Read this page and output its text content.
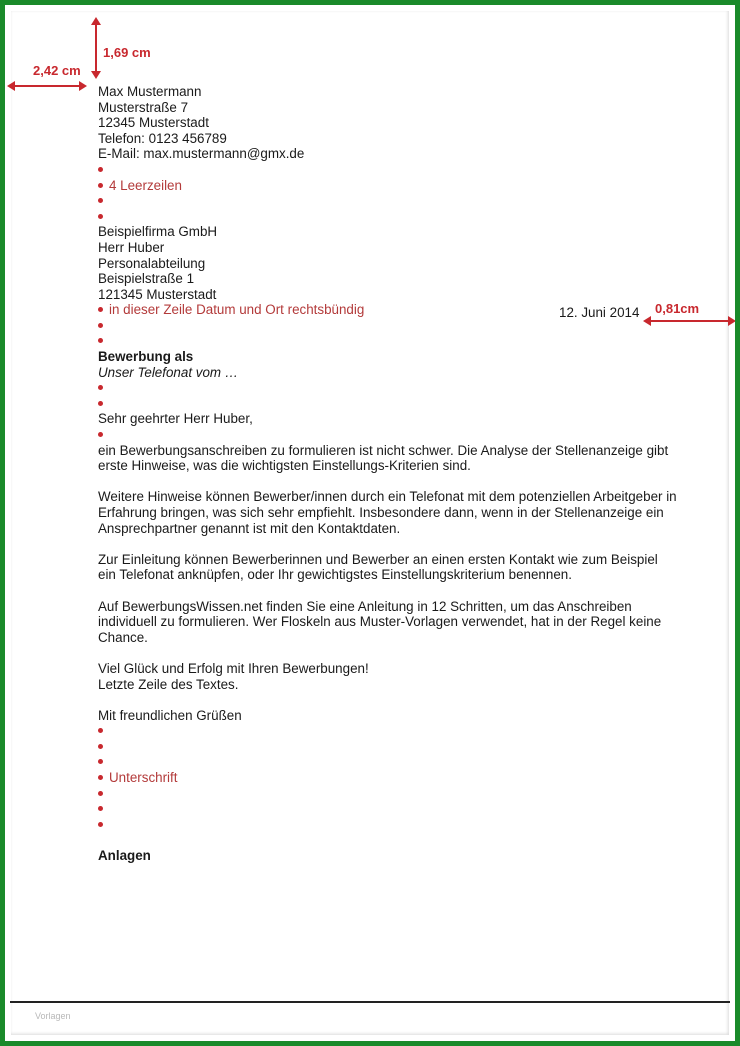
1,69 cm
2,42 cm
0,81cm
Max Mustermann
Musterstraße 7
12345 Musterstadt
Telefon: 0123 456789
E-Mail: max.mustermann@gmx.de
4 Leerzeilen
Beispielfirma GmbH
Herr Huber
Personalabteilung
Beispielstraße 1
121345 Musterstadt
in dieser Zeile Datum und Ort rechtsbündig
Bewerbung als
Unser Telefonat vom …
Sehr geehrter Herr Huber,
ein Bewerbungsanschreiben zu formulieren ist nicht schwer. Die Analyse der Stellenanzeige gibt erste Hinweise, was die wichtigsten Einstellungs-Kriterien sind.
Weitere Hinweise können Bewerber/innen durch ein Telefonat mit dem potenziellen Arbeitgeber in Erfahrung bringen, was sich sehr empfiehlt. Insbesondere dann, wenn in der Stellenanzeige ein Ansprechpartner genannt ist mit den Kontaktdaten.
Zur Einleitung können Bewerberinnen und Bewerber an einen ersten Kontakt wie zum Beispiel ein Telefonat anknüpfen, oder Ihr gewichtigstes Einstellungskriterium benennen.
Auf BewerbungsWissen.net finden Sie eine Anleitung in 12 Schritten, um das Anschreiben individuell zu formulieren. Wer Floskeln aus Muster-Vorlagen verwendet, hat in der Regel keine Chance.
Viel Glück und Erfolg mit Ihren Bewerbungen!
Letzte Zeile des Textes.
Mit freundlichen Grüßen
Unterschrift
Anlagen
12. Juni 2014
Vorlagen
